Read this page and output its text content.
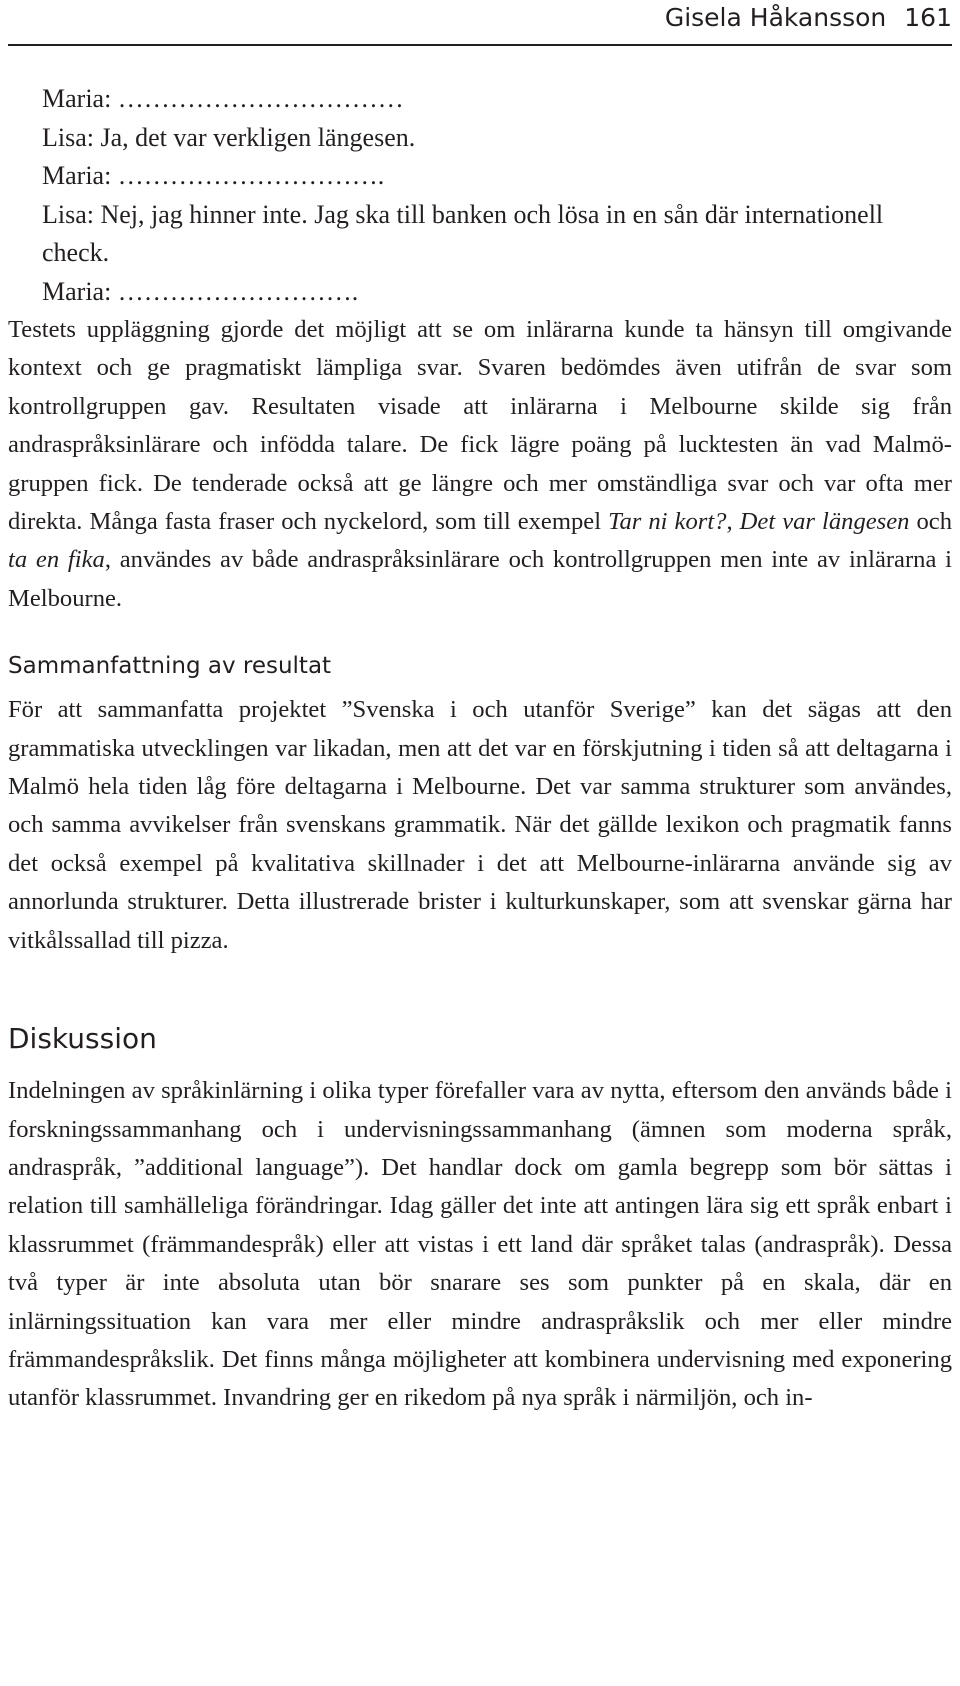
Gisela Håkansson 161

Maria: ……………………………

Lisa: Ja, det var verkligen längesen.

Maria: ………………………….

Lisa: Nej, jag hinner inte. Jag ska till banken och lösa in en sån där internationell check.

Maria: ……………………….

Testets uppläggning gjorde det möjligt att se om inlärarna kunde ta hänsyn till omgivande kontext och ge pragmatiskt lämpliga svar. Svaren bedömdes även utifrån de svar som kontrollgruppen gav. Resultaten visade att inlärarna i Melbourne skilde sig från andraspråksinlärare och infödda talare. De fick lägre poäng på lucktesten än vad Malmö-gruppen fick. De tenderade också att ge längre och mer omständliga svar och var ofta mer direkta. Många fasta fraser och nyckelord, som till exempel Tar ni kort?, Det var längesen och ta en fika, användes av både andraspråksinlärare och kontrollgruppen men inte av inlärarna i Melbourne.

Sammanfattning av resultat

För att sammanfatta projektet ”Svenska i och utanför Sverige” kan det sägas att den grammatiska utvecklingen var likadan, men att det var en förskjutning i tiden så att deltagarna i Malmö hela tiden låg före deltagarna i Melbourne. Det var samma strukturer som användes, och samma avvikelser från svenskans grammatik. När det gällde lexikon och pragmatik fanns det också exempel på kvalitativa skillnader i det att Melbourne-inlärarna använde sig av annorlunda strukturer. Detta illustrerade brister i kulturkunskaper, som att svenskar gärna har vitkålssallad till pizza.

Diskussion

Indelningen av språkinlärning i olika typer förefaller vara av nytta, eftersom den används både i forskningssammanhang och i undervisningssammanhang (ämnen som moderna språk, andraspråk, ”additional language”). Det handlar dock om gamla begrepp som bör sättas i relation till samhälleliga förändringar. Idag gäller det inte att antingen lära sig ett språk enbart i klassrummet (främmandespråk) eller att vistas i ett land där språket talas (andraspråk). Dessa två typer är inte absoluta utan bör snarare ses som punkter på en skala, där en inlärningssituation kan vara mer eller mindre andraspråkslik och mer eller mindre främmandespråkslik. Det finns många möjligheter att kombinera undervisning med exponering utanför klassrummet. Invandring ger en rikedom på nya språk i närmiljön, och in-
